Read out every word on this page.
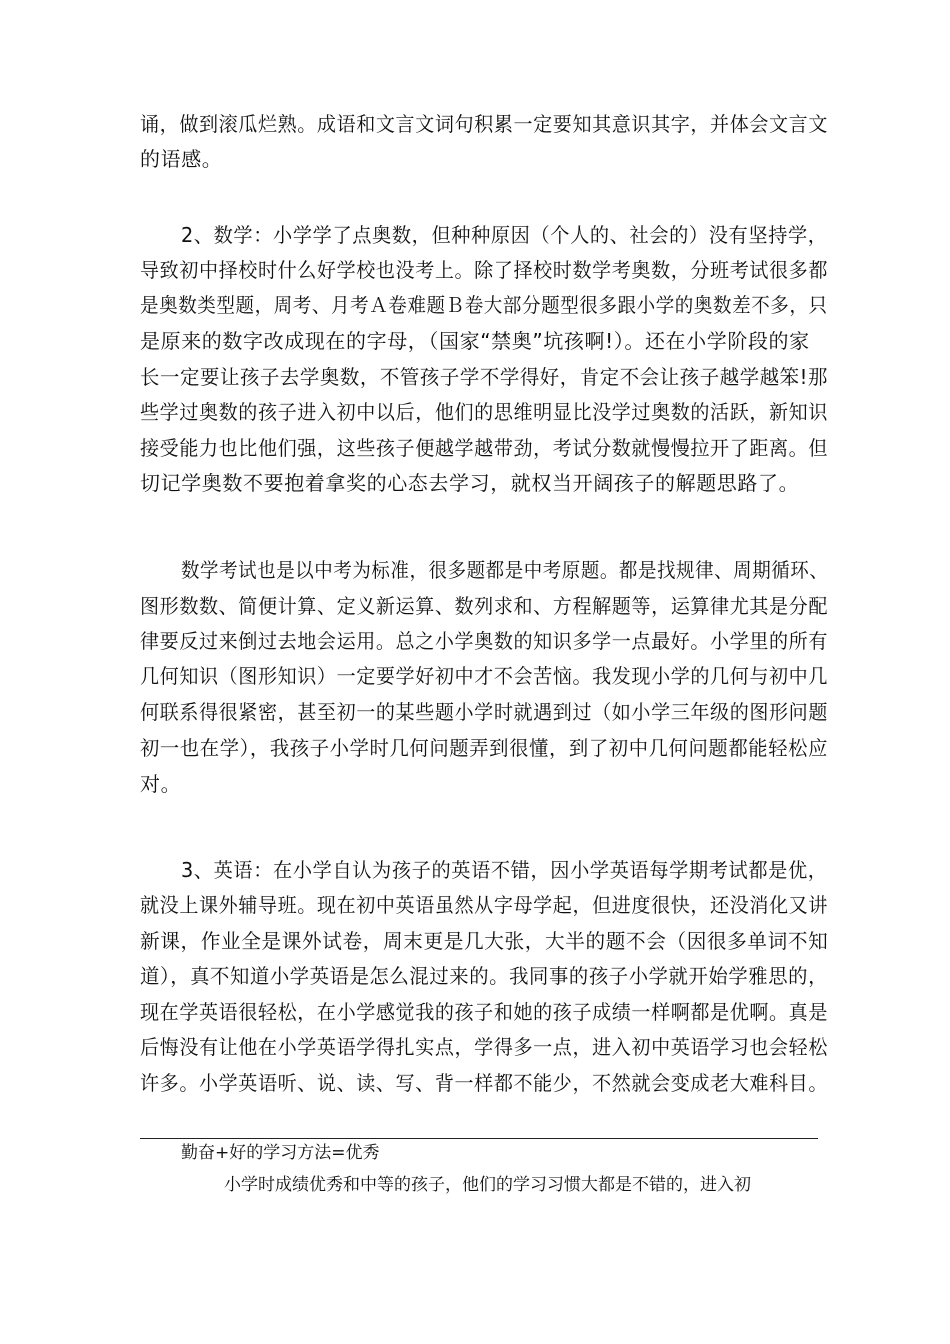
诵，做到滚瓜烂熟。成语和文言文词句积累一定要知其意识其字，并体会文言文
的语感。
2、数学：小学学了点奥数，但种种原因（个人的、社会的）没有坚持学，
导致初中择校时什么好学校也没考上。除了择校时数学考奥数，分班考试很多都
是奥数类型题，周考、月考Ａ卷难题Ｂ卷大部分题型很多跟小学的奥数差不多，只
是原来的数字改成现在的字母，（国家“禁奥”坑孩啊!）。还在小学阶段的家
长一定要让孩子去学奥数，不管孩子学不学得好，肯定不会让孩子越学越笨!那
些学过奥数的孩子进入初中以后，他们的思维明显比没学过奥数的活跃，新知识
接受能力也比他们强，这些孩子便越学越带劲，考试分数就慢慢拉开了距离。但
切记学奥数不要抱着拿奖的心态去学习，就权当开阔孩子的解题思路了。
数学考试也是以中考为标准，很多题都是中考原题。都是找规律、周期循环、
图形数数、简便计算、定义新运算、数列求和、方程解题等，运算律尤其是分配
律要反过来倒过去地会运用。总之小学奥数的知识多学一点最好。小学里的所有
几何知识（图形知识）一定要学好初中才不会苦恼。我发现小学的几何与初中几
何联系得很紧密，甚至初一的某些题小学时就遇到过（如小学三年级的图形问题
初一也在学），我孩子小学时几何问题弄到很懂，到了初中几何问题都能轻松应
对。
3、英语：在小学自认为孩子的英语不错，因小学英语每学期考试都是优，
就没上课外辅导班。现在初中英语虽然从字母学起，但进度很快，还没消化又讲
新课，作业全是课外试卷，周末更是几大张，大半的题不会（因很多单词不知
道），真不知道小学英语是怎么混过来的。我同事的孩子小学就开始学雅思的，
现在学英语很轻松，在小学感觉我的孩子和她的孩子成绩一样啊都是优啊。真是
后悔没有让他在小学英语学得扎实点，学得多一点，进入初中英语学习也会轻松
许多。小学英语听、说、读、写、背一样都不能少，不然就会变成老大难科目。
勤奋+好的学习方法=优秀
小学时成绩优秀和中等的孩子，他们的学习习惯大都是不错的，进入初
